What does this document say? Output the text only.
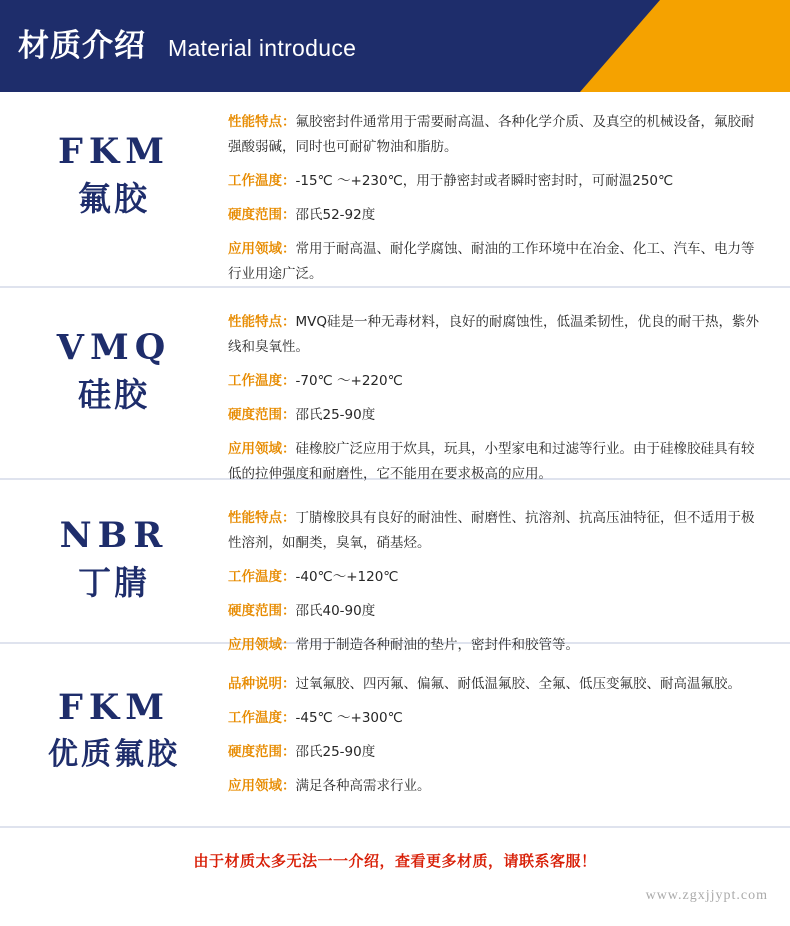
材质介绍 Material introduce
FKM
氟胶
性能特点：氟胶密封件通常用于需要耐高温、各种化学介质、及真空的机械设备，氟胶耐强酸弱碱，同时也可耐矿物油和脂肪。
工作温度：-15℃ ～+230℃，用于静密封或者瞬时密封时，可耐温250℃
硬度范围：邵氏52-92度
应用领域：常用于耐高温、耐化学腐蚀、耐油的工作环境中在冶金、化工、汽车、电力等行业用途广泛。
VMQ
硅胶
性能特点：MVQ硅是一种无毒材料，良好的耐腐蚀性，低温柔韧性，优良的耐干热，紫外线和臭氧性。
工作温度：-70℃ ～+220℃
硬度范围：邵氏25-90度
应用领域：硅橡胶广泛应用于炊具，玩具，小型家电和过滤等行业。由于硅橡胶硅具有较低的拉伸强度和耐磨性，它不能用在要求极高的应用。
NBR
丁腈
性能特点：丁腈橡胶具有良好的耐油性、耐磨性、抗溶剂、抗高压油特征，但不适用于极性溶剂，如酮类，臭氧，硝基烃。
工作温度：-40℃～+120℃
硬度范围：邵氏40-90度
应用领域：常用于制造各种耐油的垫片，密封件和胶管等。
FKM
优质氟胶
品种说明：过氧氟胶、四丙氟、偏氟、耐低温氟胶、全氟、低压变氟胶、耐高温氟胶。
工作温度：-45℃ ～+300℃
硬度范围：邵氏25-90度
应用领域：满足各种高需求行业。
由于材质太多无法一一介绍，查看更多材质，请联系客服！
www.zgxjjypt.com
